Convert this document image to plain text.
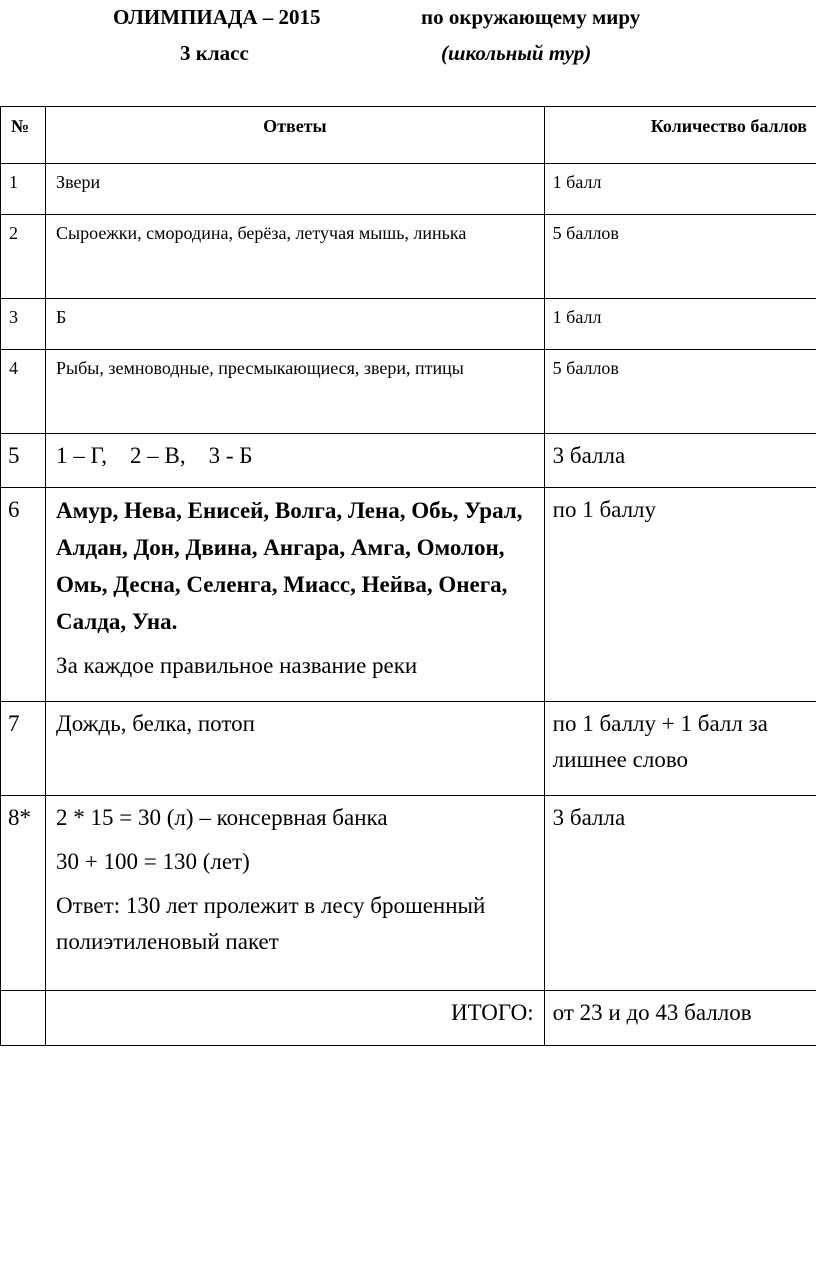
ОЛИМПИАДА – 2015	по окружающему миру
3 класс	(школьный тур)
№	Ответы	Количество баллов
1	Звери	1 балл
2	Сыроежки, смородина, берёза, летучая мышь, линька	5 баллов
3	Б	1 балл
4	Рыбы, земноводные, пресмыкающиеся, звери, птицы	5 баллов
5	1 – Г,    2 – В,    3 - Б	3 балла
6	Амур, Нева, Енисей, Волга, Лена, Обь, Урал, Алдан, Дон, Двина, Ангара, Амга, Омолон, Омь, Десна, Селенга, Миасс, Нейва, Онега, Салда, Уна.
За каждое правильное название реки	по 1 баллу
7	Дождь, белка, потоп	по 1 баллу + 1 балл за лишнее слово
8*	2 * 15 = 30 (л) – консервная банка
30 + 100 = 130 (лет)
Ответ: 130 лет пролежит в лесу брошенный полиэтиленовый пакет	3 балла
	ИТОГО:	от 23 и до 43 баллов
